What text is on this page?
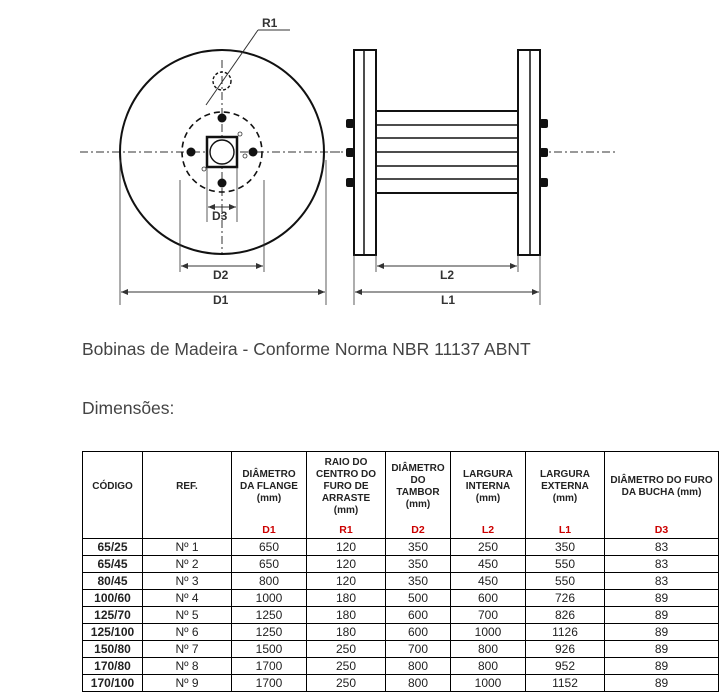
R1
D3
D2
D1
L2
L1
Bobinas de Madeira - Conforme Norma NBR 11137 ABNT
Dimensões:
CÓDIGO	REF.	DIÂMETRO DA FLANGE (mm)	RAIO DO CENTRO DO FURO DE ARRASTE (mm)	DIÂMETRO DO TAMBOR (mm)	LARGURA INTERNA (mm)	LARGURA EXTERNA (mm)	DIÂMETRO DO FURO DA BUCHA (mm)
		D1	R1	D2	L2	L1	D3
65/25	Nº 1	650	120	350	250	350	83
65/45	Nº 2	650	120	350	450	550	83
80/45	Nº 3	800	120	350	450	550	83
100/60	Nº 4	1000	180	500	600	726	89
125/70	Nº 5	1250	180	600	700	826	89
125/100	Nº 6	1250	180	600	1000	1126	89
150/80	Nº 7	1500	250	700	800	926	89
170/80	Nº 8	1700	250	800	800	952	89
170/100	Nº 9	1700	250	800	1000	1152	89
